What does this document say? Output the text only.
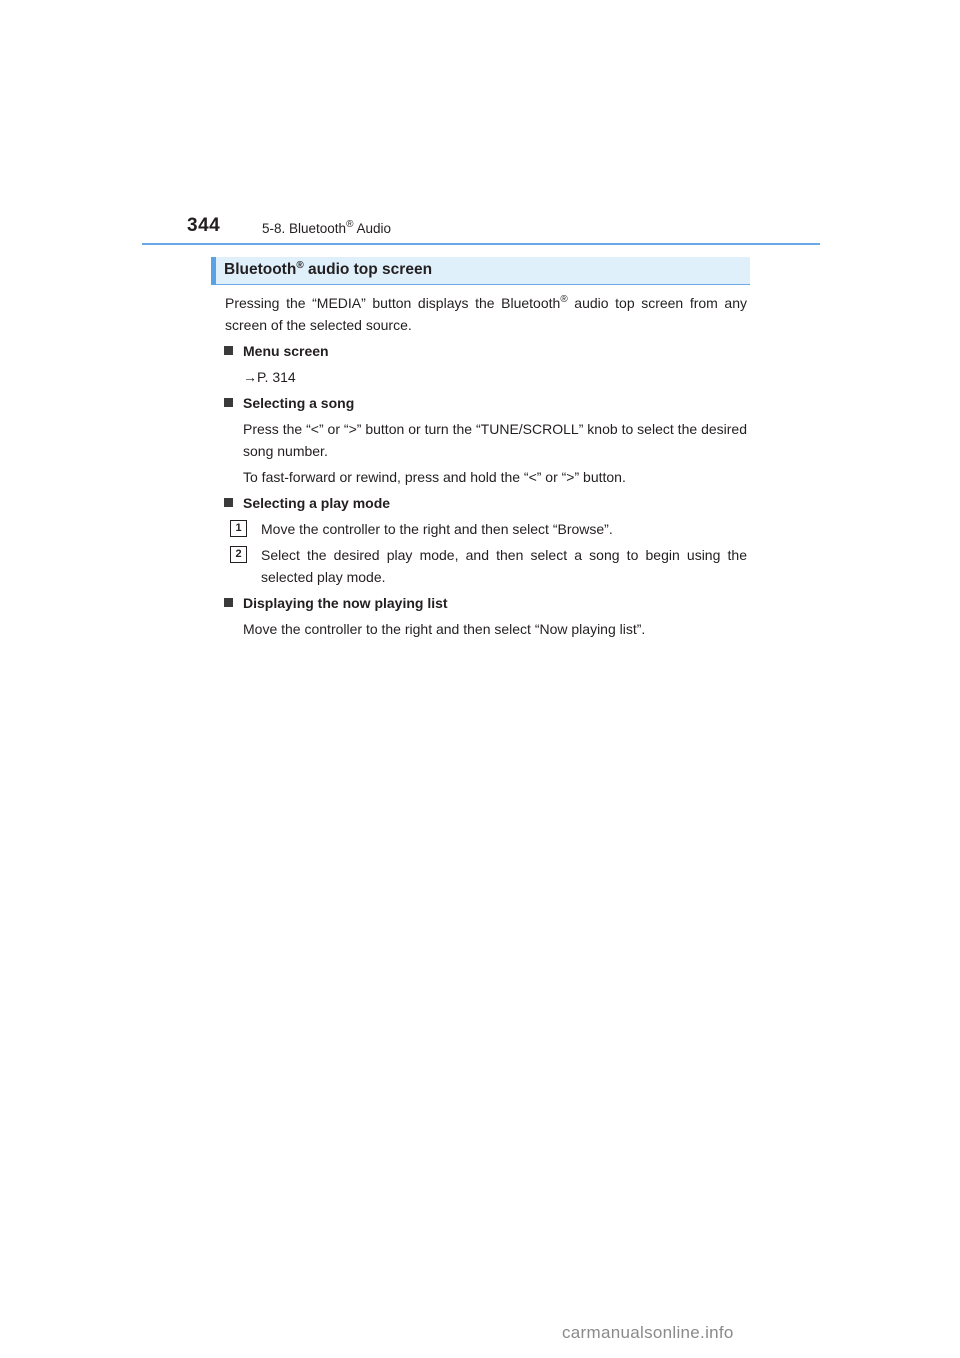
344	5-8. Bluetooth® Audio
Bluetooth® audio top screen

Pressing the “MEDIA” button displays the Bluetooth® audio top screen from any screen of the selected source.

Menu screen

→P. 314

Selecting a song

Press the “<” or “>” button or turn the “TUNE/SCROLL” knob to select the desired song number.

To fast-forward or rewind, press and hold the “<” or “>” button.

Selecting a play mode
1	Move the controller to the right and then select “Browse”.
2	Select the desired play mode, and then select a song to begin using the selected play mode.
Displaying the now playing list

Move the controller to the right and then select “Now playing list”.

carmanualsonline.info
